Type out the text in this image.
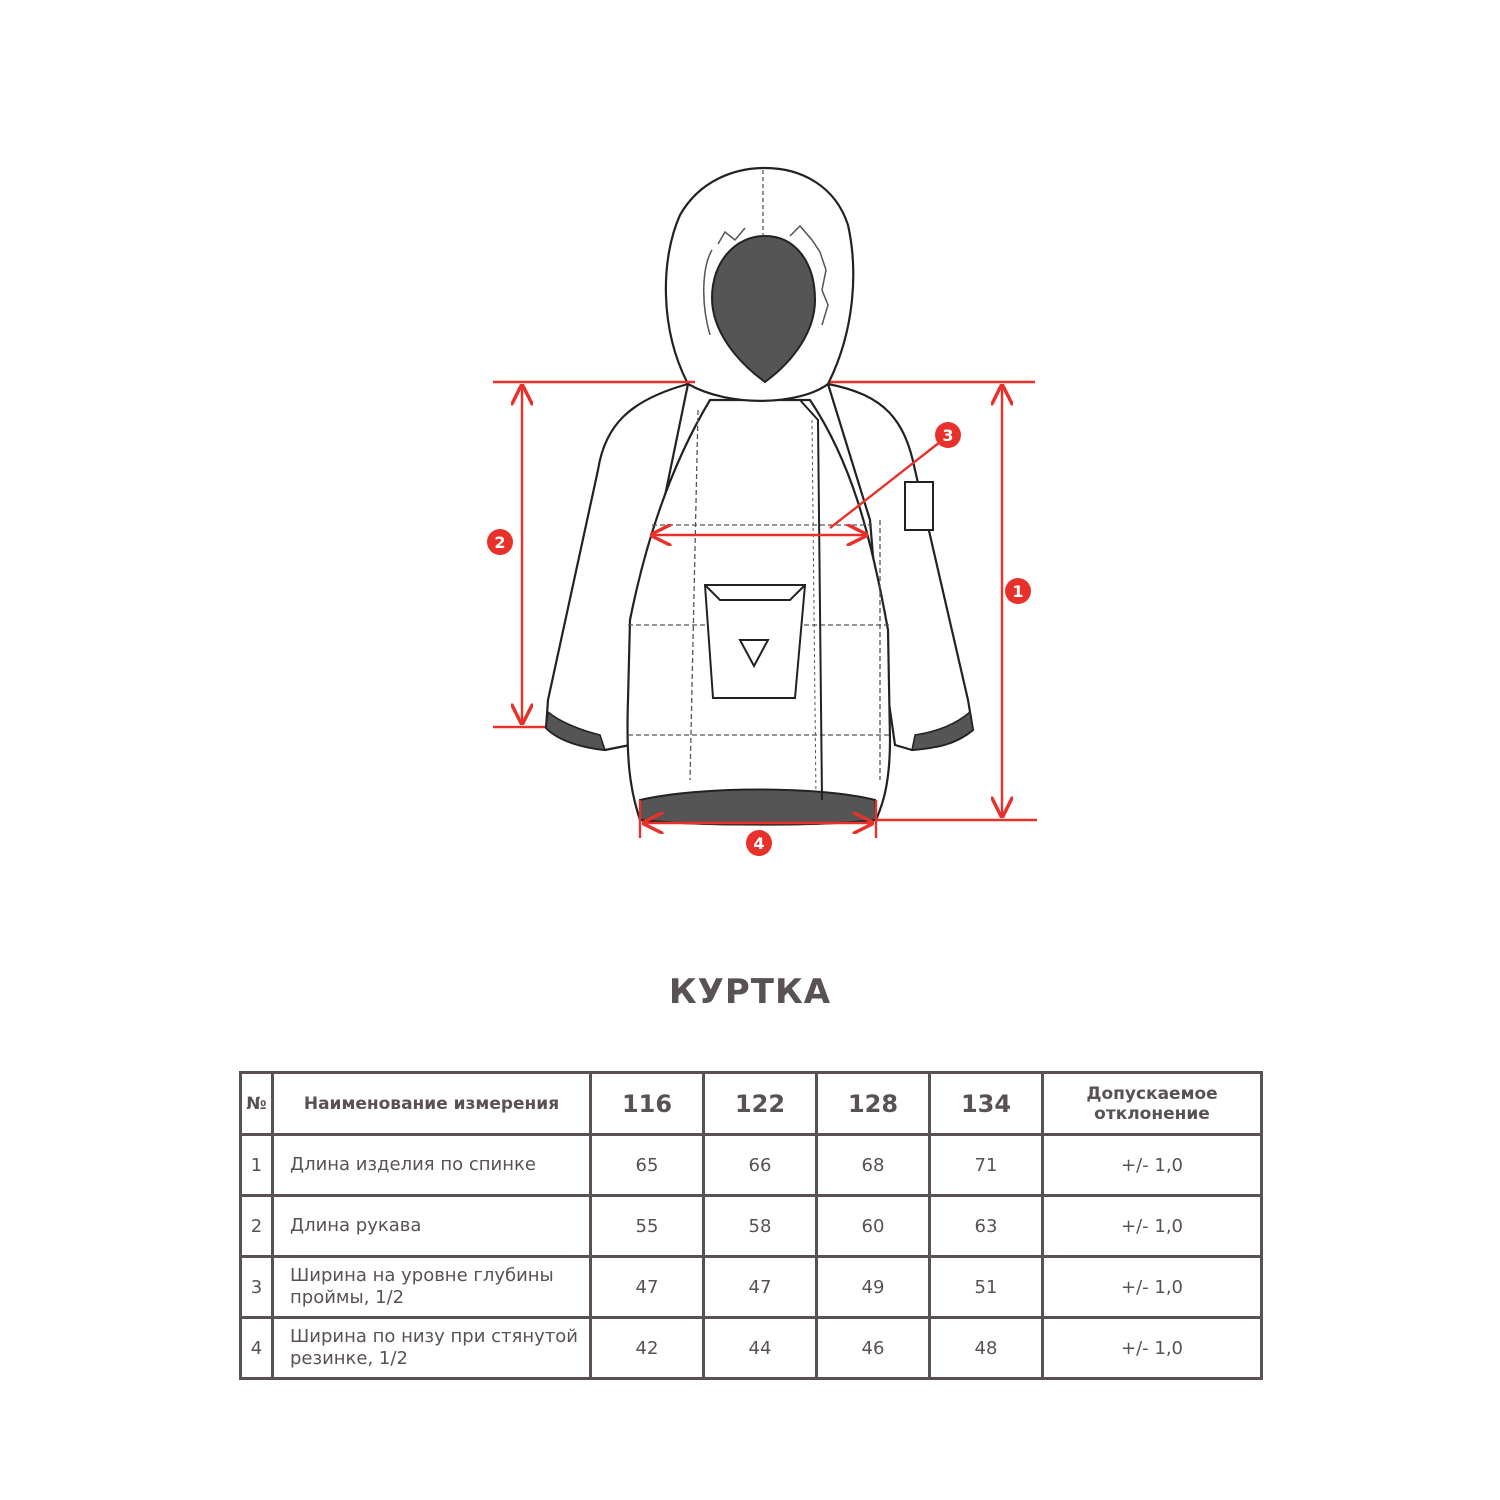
1
2
3
4
КУРТКА
№	Наименование измерения	116	122	128	134	Допускаемое отклонение
1	Длина изделия по спинке	65	66	68	71	+/- 1,0
2	Длина рукава	55	58	60	63	+/- 1,0
3	Ширина на уровне глубины проймы, 1/2	47	47	49	51	+/- 1,0
4	Ширина по низу при стянутой резинке, 1/2	42	44	46	48	+/- 1,0
